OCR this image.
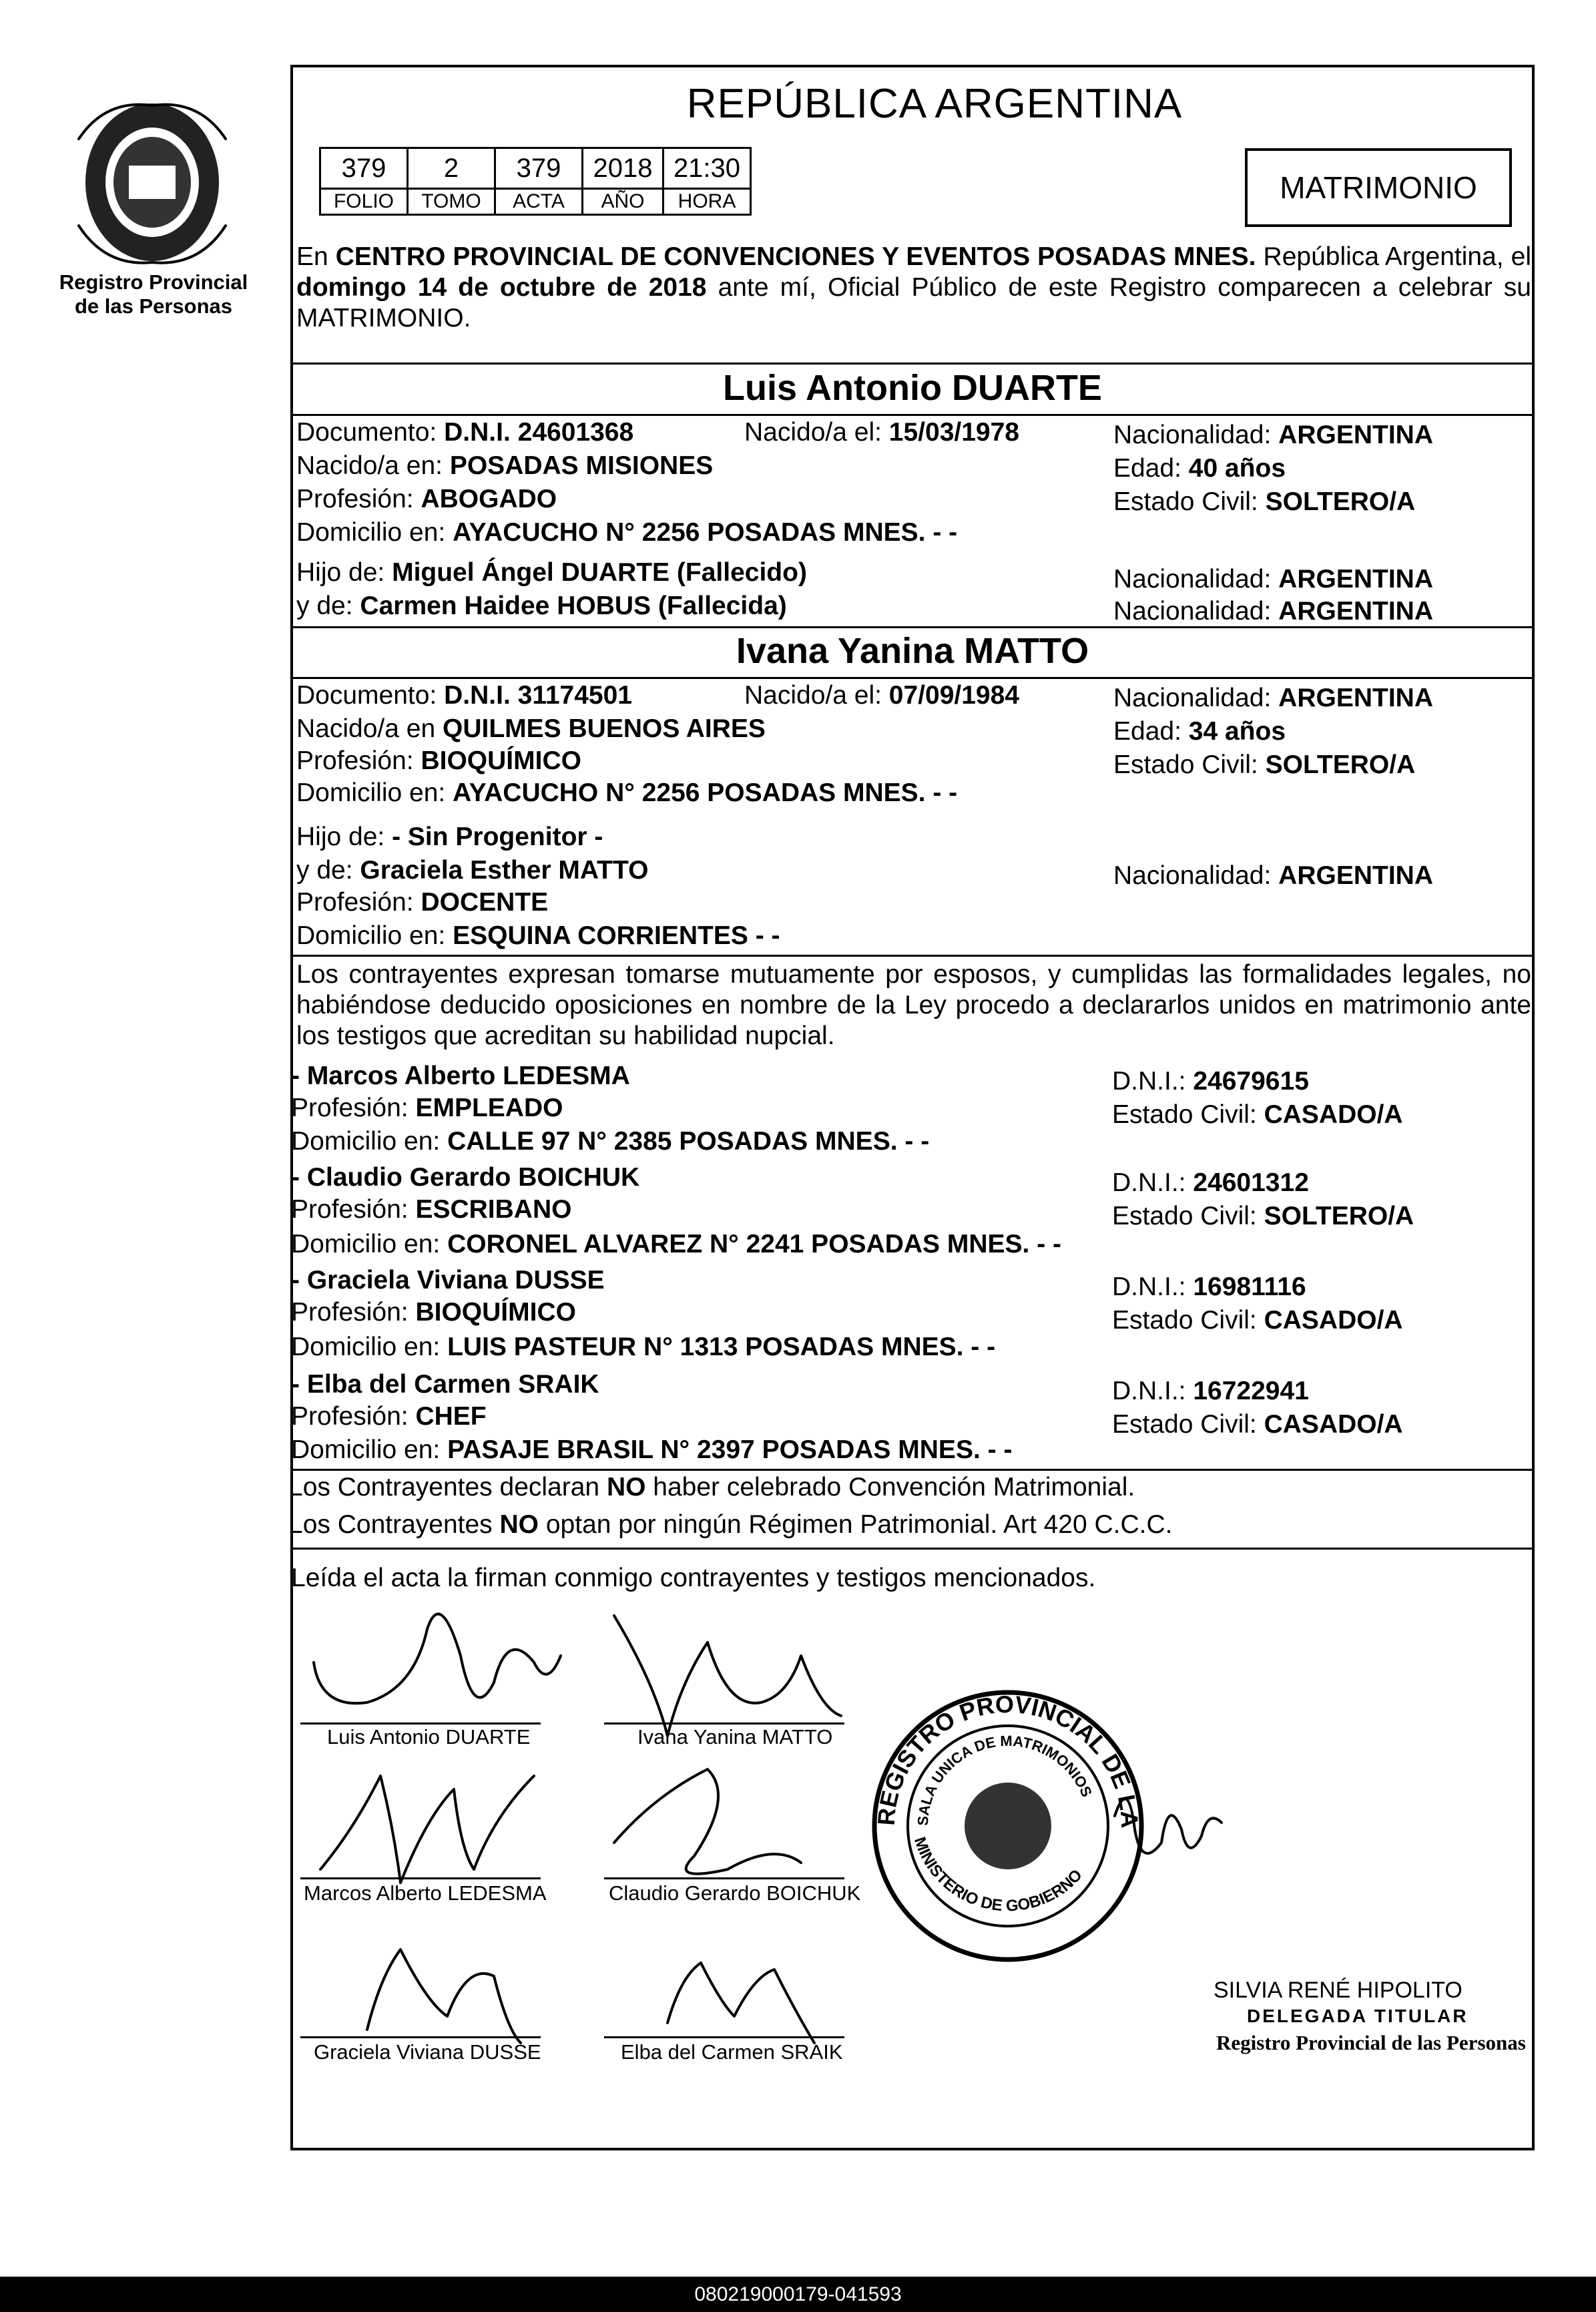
Registro Provincial
de las Personas
REPÚBLICA ARGENTINA
379	2	379	2018	21:30
FOLIO	TOMO	ACTA	AÑO	HORA	MATRIMONIO
En CENTRO PROVINCIAL DE CONVENCIONES Y EVENTOS POSADAS MNES. República Argentina, el domingo 14 de octubre de 2018 ante mí, Oficial Público de este Registro comparecen a celebrar su MATRIMONIO.
Luis Antonio DUARTE
Documento: D.N.I. 24601368	Nacido/a el: 15/03/1978	Nacionalidad: ARGENTINA
Nacido/a en: POSADAS MISIONES	Edad: 40 años
Profesión: ABOGADO	Estado Civil: SOLTERO/A
Domicilio en: AYACUCHO N° 2256 POSADAS MNES. - -
Hijo de: Miguel Ángel DUARTE (Fallecido)	Nacionalidad: ARGENTINA
y de: Carmen Haidee HOBUS (Fallecida)	Nacionalidad: ARGENTINA
Ivana Yanina MATTO
Documento: D.N.I. 31174501	Nacido/a el: 07/09/1984	Nacionalidad: ARGENTINA
Nacido/a en QUILMES BUENOS AIRES	Edad: 34 años
Profesión: BIOQUÍMICO	Estado Civil: SOLTERO/A
Domicilio en: AYACUCHO N° 2256 POSADAS MNES. - -
Hijo de: - Sin Progenitor -
y de: Graciela Esther MATTO	Nacionalidad: ARGENTINA
Profesión: DOCENTE
Domicilio en: ESQUINA CORRIENTES - -
Los contrayentes expresan tomarse mutuamente por esposos, y cumplidas las formalidades legales, no habiéndose deducido oposiciones en nombre de la Ley procedo a declararlos unidos en matrimonio ante los testigos que acreditan su habilidad nupcial.
- Marcos Alberto LEDESMA	D.N.I.: 24679615
Profesión: EMPLEADO	Estado Civil: CASADO/A
Domicilio en: CALLE 97 N° 2385 POSADAS MNES. - -
- Claudio Gerardo BOICHUK	D.N.I.: 24601312
Profesión: ESCRIBANO	Estado Civil: SOLTERO/A
Domicilio en: CORONEL ALVAREZ N° 2241 POSADAS MNES. - -
- Graciela Viviana DUSSE	D.N.I.: 16981116
Profesión: BIOQUÍMICO	Estado Civil: CASADO/A
Domicilio en: LUIS PASTEUR N° 1313 POSADAS MNES. - -
- Elba del Carmen SRAIK	D.N.I.: 16722941
Profesión: CHEF	Estado Civil: CASADO/A
Domicilio en: PASAJE BRASIL N° 2397 POSADAS MNES. - -
Los Contrayentes declaran NO haber celebrado Convención Matrimonial.
Los Contrayentes NO optan por ningún Régimen Patrimonial. Art 420 C.C.C.
Leída el acta la firman conmigo contrayentes y testigos mencionados.
Luis Antonio DUARTE	Ivana Yanina MATTO
Marcos Alberto LEDESMA	Claudio Gerardo BOICHUK
Graciela Viviana DUSSE	Elba del Carmen SRAIK
REGISTRO PROVINCIAL DE LA
SALA UNICA DE MATRIMONIOS
MINISTERIO DE GOBIERNO
SILVIA RENÉ HIPOLITO
DELEGADA TITULAR
Registro Provincial de las Personas
080219000179-041593
